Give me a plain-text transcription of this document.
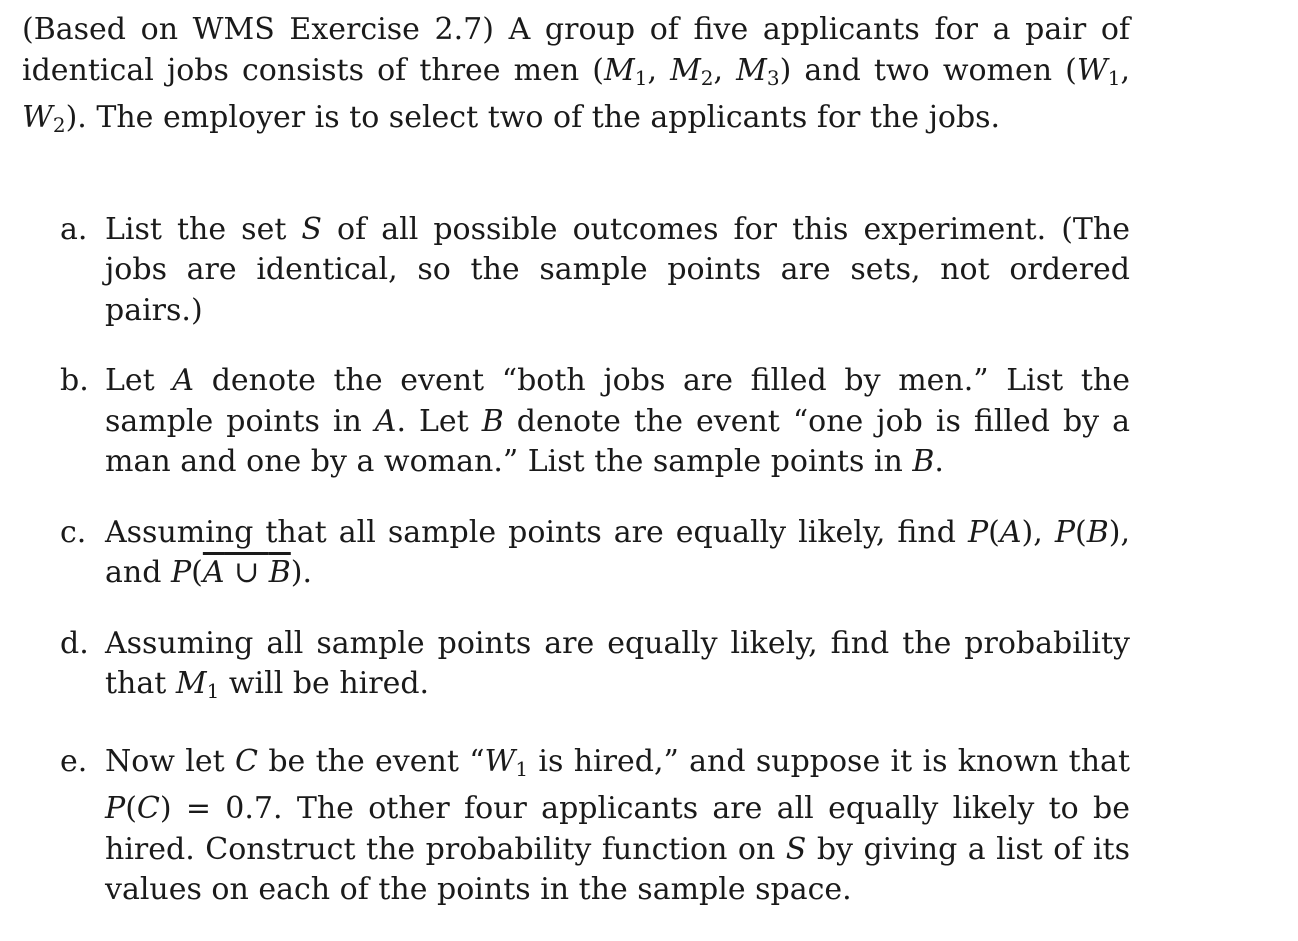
(Based on WMS Exercise 2.7) A group of five applicants for a pair of identical jobs consists of three men ($M_1$, $M_2$, $M_3$) and two women ($W_1$, $W_2$). The employer is to select two of the applicants for the jobs.

a. List the set S of all possible outcomes for this experiment. (The jobs are identical, so the sample points are sets, not ordered pairs.)
b. Let A denote the event “both jobs are filled by men.” List the sample points in A. Let B denote the event “one job is filled by a man and one by a woman.” List the sample points in B.
c. Assuming that all sample points are equally likely, find P(A), P(B), and P(A ∪ B).
d. Assuming all sample points are equally likely, find the probability that $M_1$ will be hired.
e. Now let C be the event “$W_1$ is hired,” and suppose it is known that P(C) = 0.7. The other four applicants are all equally likely to be hired. Construct the probability function on S by giving a list of its values on each of the points in the sample space.
